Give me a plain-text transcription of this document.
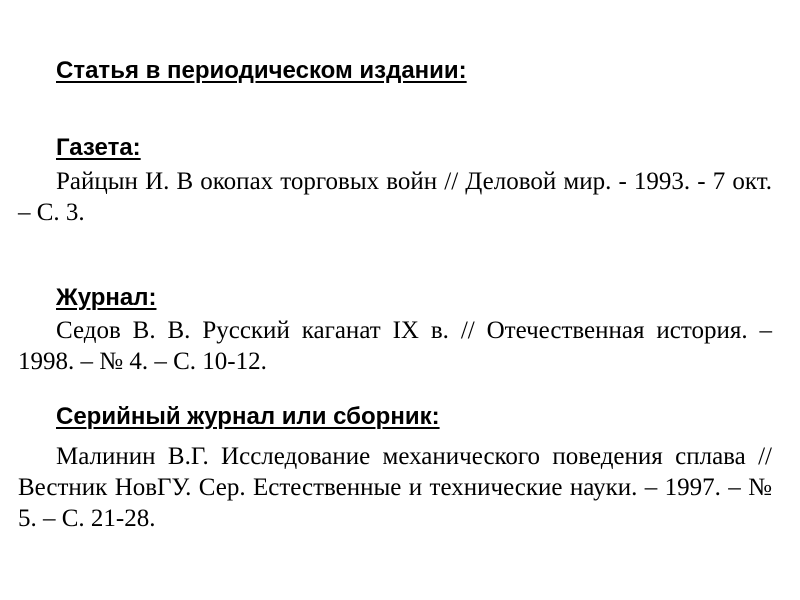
Статья в периодическом издании:
Газета:

Райцын И. В окопах торговых войн // Деловой мир. - 1993. - 7 окт. – С. 3.

Журнал:

Седов В. В. Русский каганат IX в. // Отечественная история. – 1998. – № 4. – С. 10-12.

Серийный журнал или сборник:

Малинин В.Г. Исследование механического поведения сплава // Вестник НовГУ. Сер. Естественные и технические науки. – 1997. – № 5. – С. 21-28.
